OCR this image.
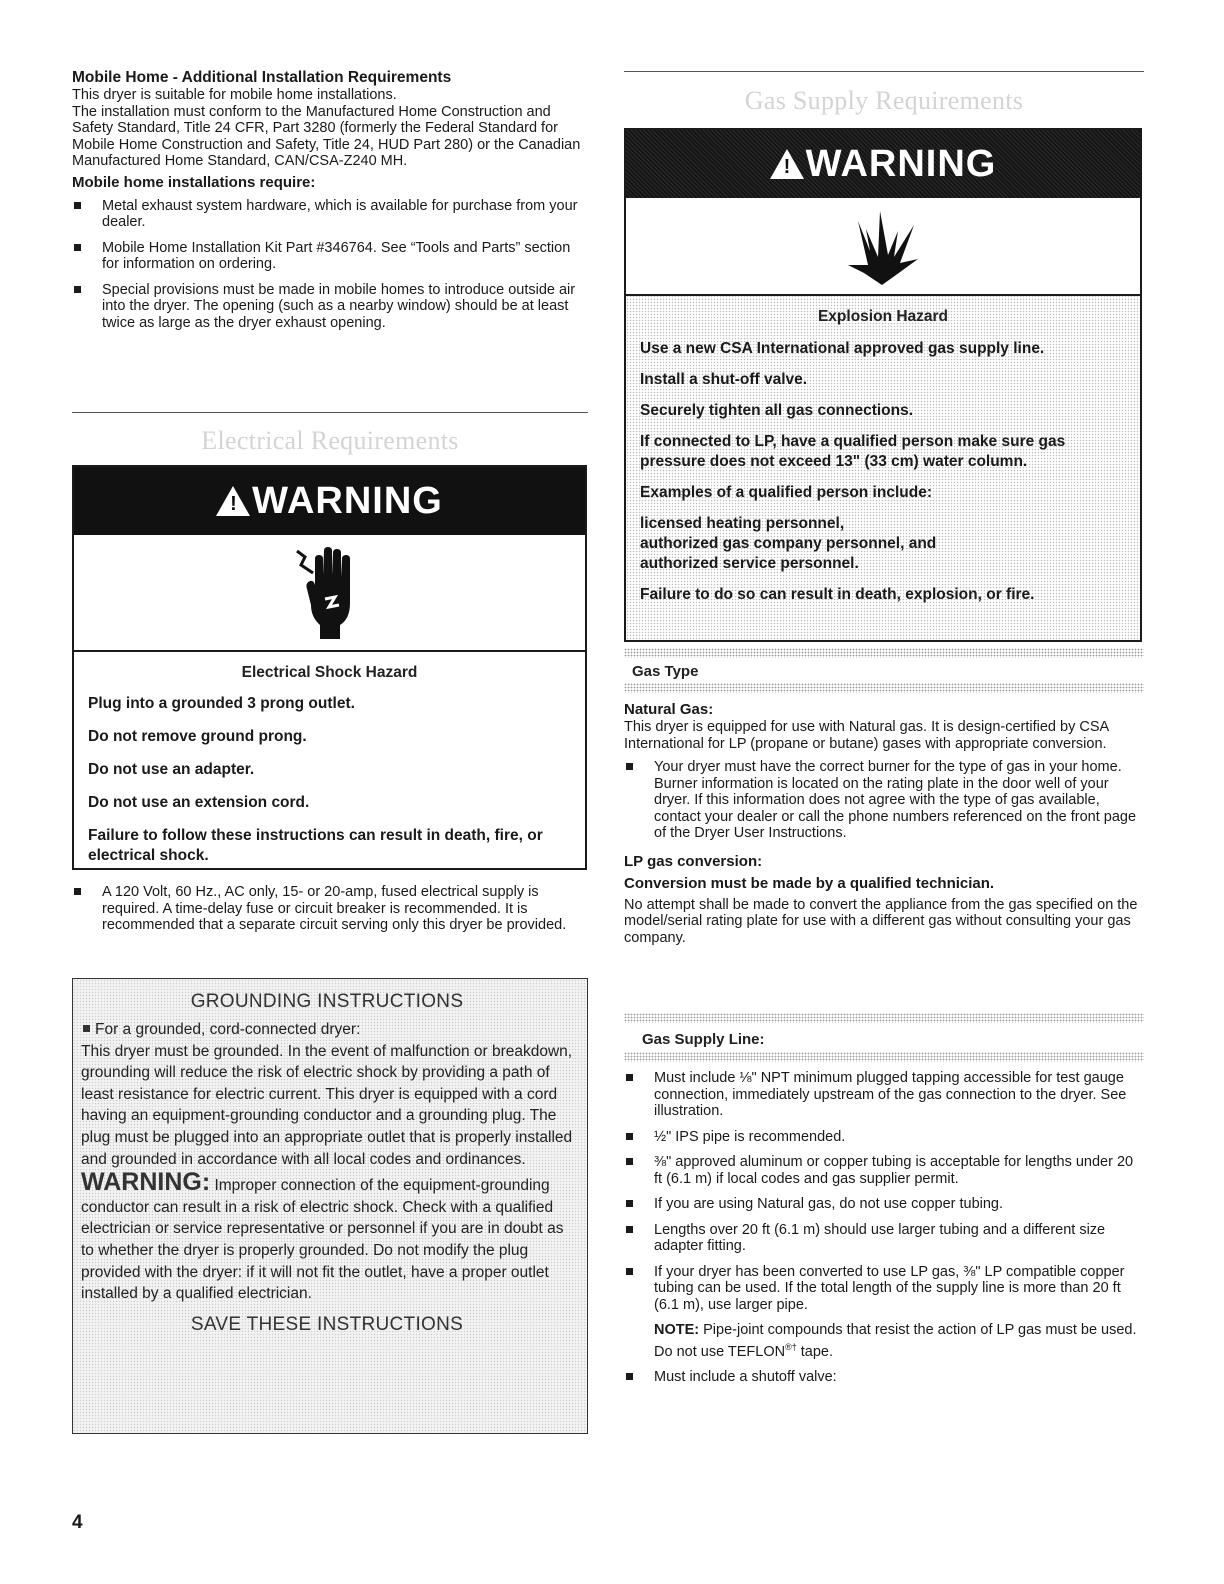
Mobile Home - Additional Installation Requirements

This dryer is suitable for mobile home installations.

The installation must conform to the Manufactured Home Construction and Safety Standard, Title 24 CFR, Part 3280 (formerly the Federal Standard for Mobile Home Construction and Safety, Title 24, HUD Part 280) or the Canadian Manufactured Home Standard, CAN/CSA-Z240 MH.

Mobile home installations require:

Metal exhaust system hardware, which is available for purchase from your dealer.

Mobile Home Installation Kit Part #346764. See “Tools and Parts” section for information on ordering.

Special provisions must be made in mobile homes to introduce outside air into the dryer. The opening (such as a nearby window) should be at least twice as large as the dryer exhaust opening.

Electrical Requirements
! WARNING

Electrical Shock Hazard

Plug into a grounded 3 prong outlet.

Do not remove ground prong.

Do not use an adapter.

Do not use an extension cord.

Failure to follow these instructions can result in death, fire, or electrical shock.

A 120 Volt, 60 Hz., AC only, 15- or 20-amp, fused electrical supply is required. A time-delay fuse or circuit breaker is recommended. It is recommended that a separate circuit serving only this dryer be provided.

GROUNDING INSTRUCTIONS

For a grounded, cord-connected dryer:

This dryer must be grounded. In the event of malfunction or breakdown, grounding will reduce the risk of electric shock by providing a path of least resistance for electric current. This dryer is equipped with a cord having an equipment-grounding conductor and a grounding plug. The plug must be plugged into an appropriate outlet that is properly installed and grounded in accordance with all local codes and ordinances.

WARNING: Improper connection of the equipment-grounding conductor can result in a risk of electric shock. Check with a qualified electrician or service representative or personnel if you are in doubt as to whether the dryer is properly grounded. Do not modify the plug provided with the dryer: if it will not fit the outlet, have a proper outlet installed by a qualified electrician.

SAVE THESE INSTRUCTIONS

4
Gas Supply Requirements
! WARNING

Explosion Hazard

Use a new CSA International approved gas supply line.

Install a shut-off valve.

Securely tighten all gas connections.

If connected to LP, have a qualified person make sure gas pressure does not exceed 13" (33 cm) water column.

Examples of a qualified person include:

licensed heating personnel,

authorized gas company personnel, and

authorized service personnel.

Failure to do so can result in death, explosion, or fire.

Gas Type

Natural Gas:

This dryer is equipped for use with Natural gas. It is design-certified by CSA International for LP (propane or butane) gases with appropriate conversion.

Your dryer must have the correct burner for the type of gas in your home. Burner information is located on the rating plate in the door well of your dryer. If this information does not agree with the type of gas available, contact your dealer or call the phone numbers referenced on the front page of the Dryer User Instructions.

LP gas conversion:

Conversion must be made by a qualified technician.

No attempt shall be made to convert the appliance from the gas specified on the model/serial rating plate for use with a different gas without consulting your gas company.

Gas Supply Line:

Must include ⅛" NPT minimum plugged tapping accessible for test gauge connection, immediately upstream of the gas connection to the dryer. See illustration.

½" IPS pipe is recommended.

⅜" approved aluminum or copper tubing is acceptable for lengths under 20 ft (6.1 m) if local codes and gas supplier permit.

If you are using Natural gas, do not use copper tubing.

Lengths over 20 ft (6.1 m) should use larger tubing and a different size adapter fitting.

If your dryer has been converted to use LP gas, ⅜" LP compatible copper tubing can be used. If the total length of the supply line is more than 20 ft (6.1 m), use larger pipe.

NOTE: Pipe-joint compounds that resist the action of LP gas must be used. Do not use TEFLON®† tape.

Must include a shutoff valve:
